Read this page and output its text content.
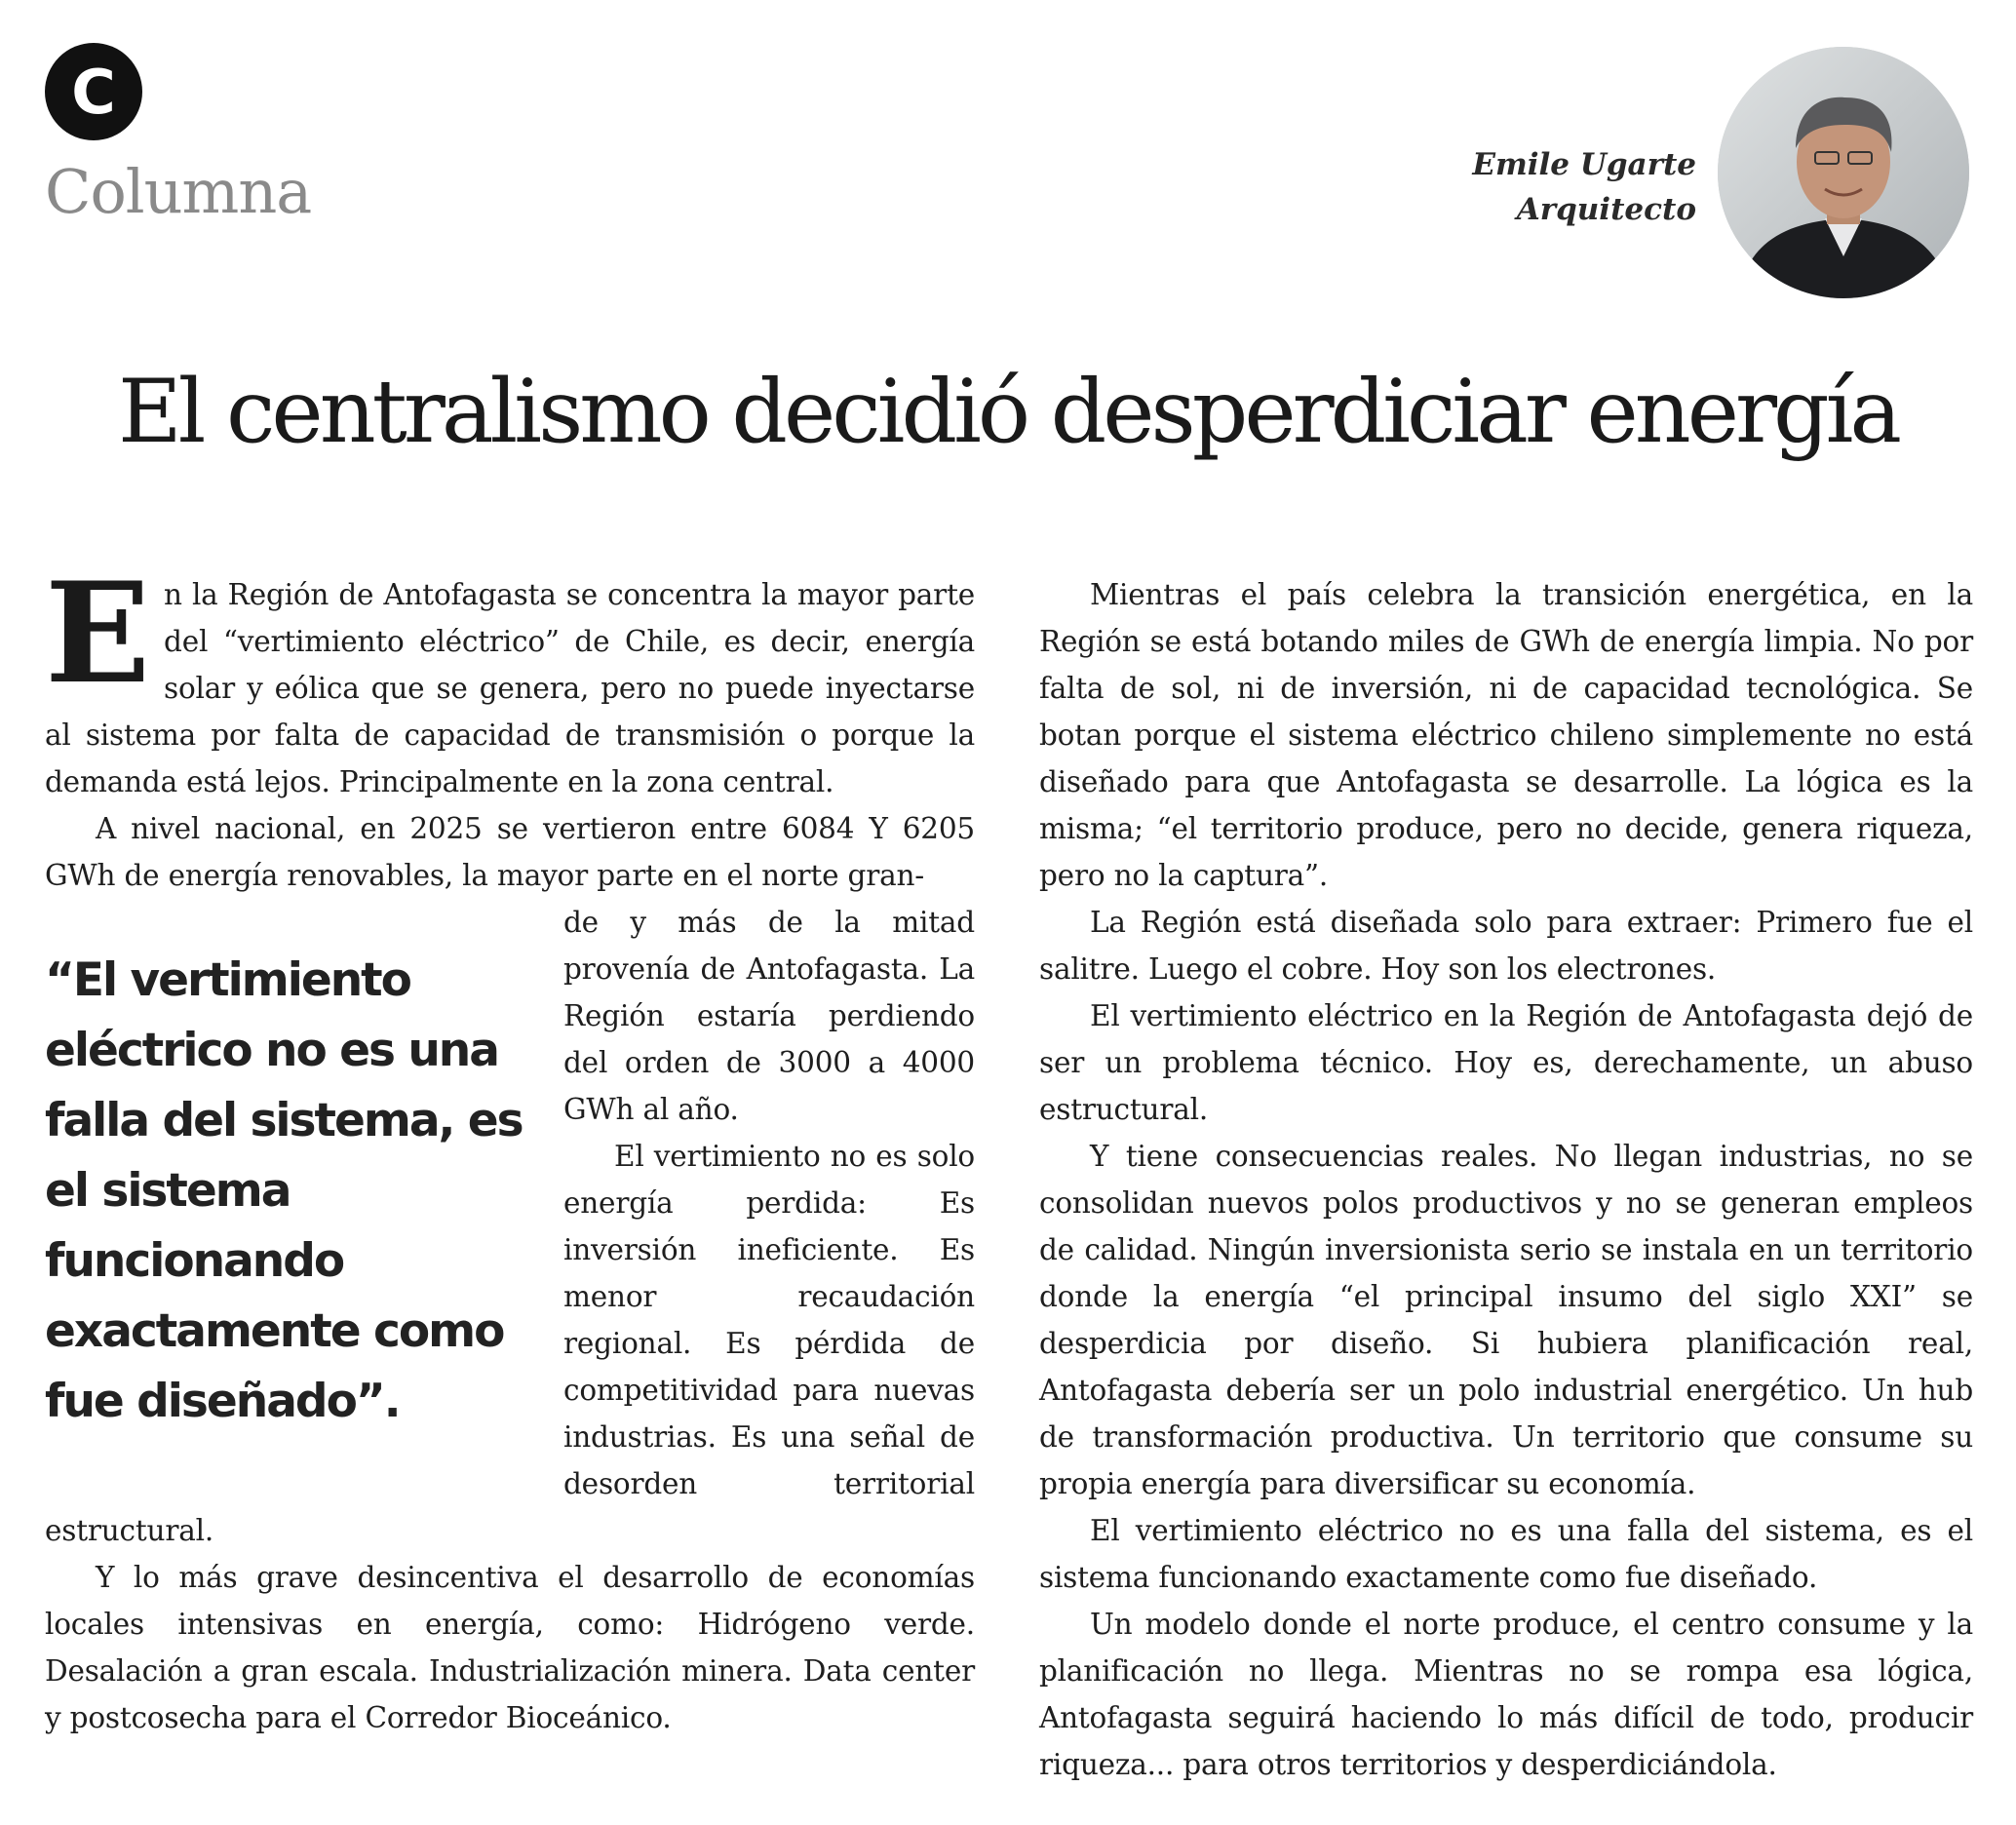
C
Columna	Emile Ugarte
Arquitecto
El centralismo decidió desperdiciar energía

En la Región de Antofagasta se concentra la mayor parte del “vertimiento eléctrico” de Chile, es decir, energía solar y eólica que se genera, pero no puede inyectarse al sistema por falta de capacidad de transmisión o porque la demanda está lejos. Principalmente en la zona central.

A nivel nacional, en 2025 se vertieron entre 6084 Y 6205 GWh de energía renovables, la mayor parte en el norte gran-

“El vertimiento eléctrico no es una falla del sistema, es el sistema funcionando exactamente como fue diseñado”.

de y más de la mitad provenía de Antofagasta. La Región estaría perdiendo del orden de 3000 a 4000 GWh al año.

El vertimiento no es solo energía perdida: Es inversión ineficiente. Es menor recaudación regional. Es pérdida de competitividad para nuevas industrias. Es una señal de desorden territorial estructural.

Y lo más grave desincentiva el desarrollo de economías locales intensivas en energía, como: Hidrógeno verde. Desalación a gran escala. Industrialización minera. Data center y postcosecha para el Corredor Bioceánico.

Mientras el país celebra la transición energética, en la Región se está botando miles de GWh de energía limpia. No por falta de sol, ni de inversión, ni de capacidad tecnológica. Se botan porque el sistema eléctrico chileno simplemente no está diseñado para que Antofagasta se desarrolle. La lógica es la misma; “el territorio produce, pero no decide, genera riqueza, pero no la captura”.

La Región está diseñada solo para extraer: Primero fue el salitre. Luego el cobre. Hoy son los electrones.

El vertimiento eléctrico en la Región de Antofagasta dejó de ser un problema técnico. Hoy es, derechamente, un abuso estructural.

Y tiene consecuencias reales. No llegan industrias, no se consolidan nuevos polos productivos y no se generan empleos de calidad. Ningún inversionista serio se instala en un territorio donde la energía “el principal insumo del siglo XXI” se desperdicia por diseño. Si hubiera planificación real, Antofagasta debería ser un polo industrial energético. Un hub de transformación productiva. Un territorio que consume su propia energía para diversificar su economía.

El vertimiento eléctrico no es una falla del sistema, es el sistema funcionando exactamente como fue diseñado.

Un modelo donde el norte produce, el centro consume y la planificación no llega. Mientras no se rompa esa lógica, Antofagasta seguirá haciendo lo más difícil de todo, producir riqueza... para otros territorios y desperdiciándola.
